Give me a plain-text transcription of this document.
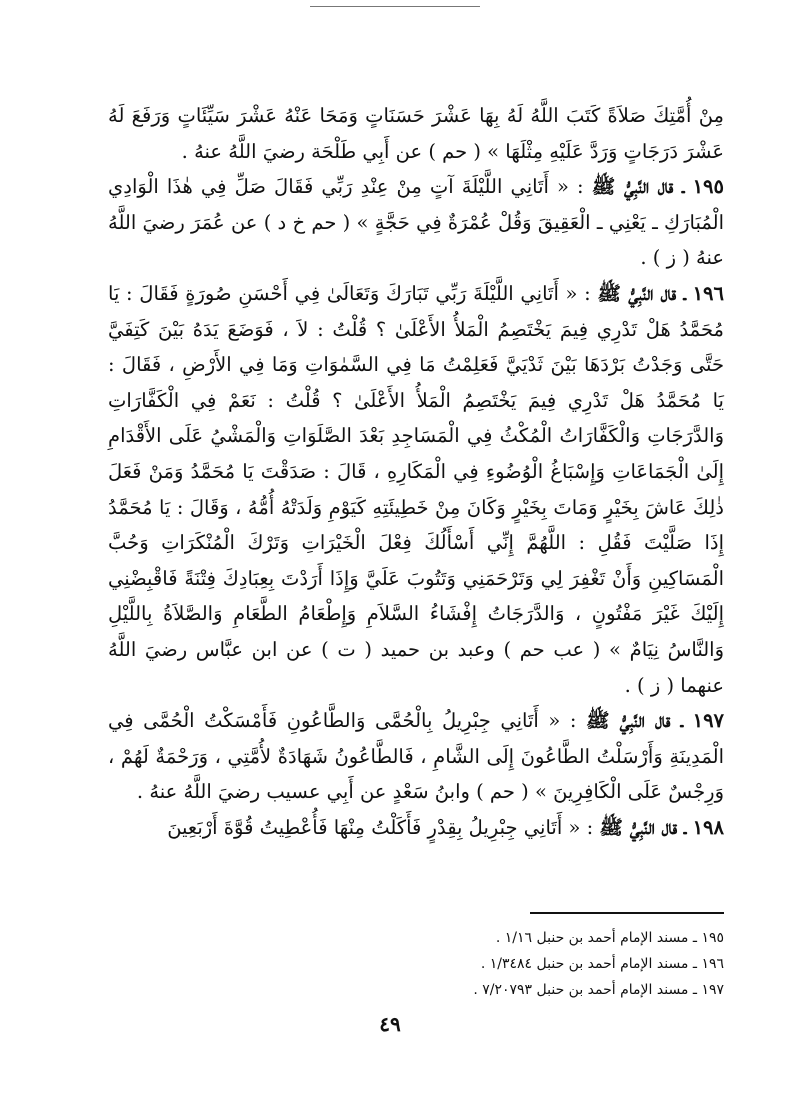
مِنْ أُمَّتِكَ صَلاَةً كَتَبَ اللَّهُ لَهُ بِهَا عَشْرَ حَسَنَاتٍ وَمَحَا عَنْهُ عَشْرَ سَيِّئَاتٍ وَرَفَعَ لَهُ عَشْرَ دَرَجَاتٍ وَرَدَّ عَلَيْهِ مِثْلَهَا » ( حم ) عن أَبِي طَلْحَة رضيَ اللَّهُ عنهُ .

١٩٥ ـ قال النَّبِيُّ ﷺ : « أَتَانِي اللَّيْلَةَ آتٍ مِنْ عِنْدِ رَبِّي فَقَالَ صَلِّ فِي هٰذَا الْوَادِي الْمُبَارَكِ ـ يَعْنِي ـ الْعَقِيقَ وَقُلْ عُمْرَةٌ فِي حَجَّةٍ » ( حم خ د ) عن عُمَرَ رضيَ اللَّهُ عنهُ ( ز ) .

١٩٦ ـ قال النَّبِيُّ ﷺ : « أَتَانِي اللَّيْلَةَ رَبِّي تَبَارَكَ وَتَعَالَىٰ فِي أَحْسَنِ صُورَةٍ فَقَالَ : يَا مُحَمَّدُ هَلْ تَدْرِي فِيمَ يَخْتَصِمُ الْمَلأُ الأَعْلَىٰ ؟ قُلْتُ : لاَ ، فَوَضَعَ يَدَهُ بَيْنَ كَتِفَيَّ حَتَّى وَجَدْتُ بَرْدَهَا بَيْنَ ثَدْيَيَّ فَعَلِمْتُ مَا فِي السَّمٰوَاتِ وَمَا فِي الأَرْضِ ، فَقَالَ : يَا مُحَمَّدُ هَلْ تَدْرِي فِيمَ يَخْتَصِمُ الْمَلأُ الأَعْلَىٰ ؟ قُلْتُ : نَعَمْ فِي الْكَفَّارَاتِ وَالدَّرَجَاتِ وَالْكَفَّارَاتُ الْمُكْثُ فِي الْمَسَاجِدِ بَعْدَ الصَّلَوَاتِ وَالْمَشْيُ عَلَى الأَقْدَامِ إِلَىٰ الْجَمَاعَاتِ وَإِسْبَاغُ الْوُضُوءِ فِي الْمَكَارِهِ ، قَالَ : صَدَقْتَ يَا مُحَمَّدُ وَمَنْ فَعَلَ ذٰلِكَ عَاشَ بِخَيْرٍ وَمَاتَ بِخَيْرٍ وَكَانَ مِنْ خَطِيئَتِهِ كَيَوْمِ وَلَدَتْهُ أُمُّهُ ، وَقَالَ : يَا مُحَمَّدُ إِذَا صَلَّيْتَ فَقُلِ : اللَّهُمَّ إِنِّي أَسْأَلُكَ فِعْلَ الْخَيْرَاتِ وَتَرْكَ الْمُنْكَرَاتِ وَحُبَّ الْمَسَاكِينِ وَأَنْ تَغْفِرَ لِي وَتَرْحَمَنِي وَتَتُوبَ عَلَيَّ وَإِذَا أَرَدْتَ بِعِبَادِكَ فِتْنَةً فَاقْبِضْنِي إِلَيْكَ غَيْرَ مَفْتُونٍ ، وَالدَّرَجَاتُ إِفْشَاءُ السَّلاَمِ وَإِطْعَامُ الطَّعَامِ وَالصَّلاَةُ بِاللَّيْلِ وَالنَّاسُ نِيَامٌ » ( عب حم ) وعبد بن حميد ( ت ) عن ابن عبَّاس رضيَ اللَّهُ عنهما ( ز ) .

١٩٧ ـ قال النَّبِيُّ ﷺ : « أَتَانِي جِبْرِيلُ بِالْحُمَّى وَالطَّاعُونِ فَأَمْسَكْتُ الْحُمَّى فِي الْمَدِينَةِ وَأَرْسَلْتُ الطَّاعُونَ إِلَى الشَّامِ ، فَالطَّاعُونُ شَهَادَةٌ لأُمَّتِي ، وَرَحْمَةٌ لَهُمْ ، وَرِجْسٌ عَلَى الْكَافِرِينَ » ( حم ) وابنُ سَعْدٍ عن أَبِي عسيب رضيَ اللَّهُ عنهُ .

١٩٨ ـ قال النَّبِيُّ ﷺ : « أَتَانِي جِبْرِيلُ بِقِدْرٍ فَأَكَلْتُ مِنْهَا فَأُعْطِيتُ قُوَّةَ أَرْبَعِينَ

١٩٥ ـ مسند الإمام أحمد بن حنبل ١/١٦ .
١٩٦ ـ مسند الإمام أحمد بن حنبل ١/٣٤٨٤ .
١٩٧ ـ مسند الإمام أحمد بن حنبل ٧/٢٠٧٩٣ .
٤٩
